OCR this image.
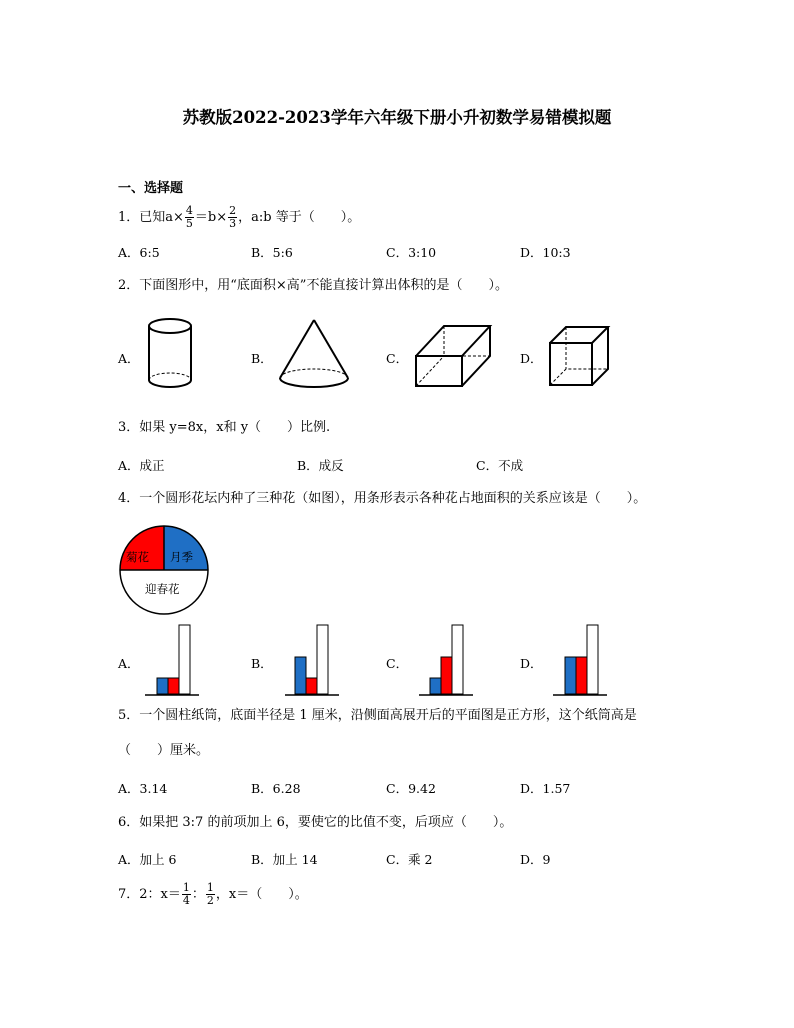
苏教版2022-2023学年六年级下册小升初数学易错模拟题
一、选择题
1．已知$a\times \frac{4}{5} =b\times \frac{2}{3}$ ，a:b 等于（　　）。
A．6:5	B．5:6	C．3:10	D．10:3
2．下面图形中，用“底面积×高”不能直接计算出体积的是（　　）。
A．	B．	C．	D．
3．如果 y=8x，x和 y（　　）比例.
A．成正	B．成反	C．不成
4．一个圆形花坛内种了三种花（如图），用条形表示各种花占地面积的关系应该是（　　）。
菊花 月季
迎春花
A．	B．	C．	D．
5．一个圆柱纸筒，底面半径是 1 厘米，沿侧面高展开后的平面图是正方形，这个纸筒高是
（　　）厘米。
A．3.14	B．6.28	C．9.42	D．1.57
6．如果把 3:7 的前项加上 6，要使它的比值不变，后项应（　　）。
A．加上 6	B．加上 14	C．乘 2	D．9
7．2：$x= \frac{1}{4}$ ： $\frac{1}{2}$ ，x＝（　　）。
